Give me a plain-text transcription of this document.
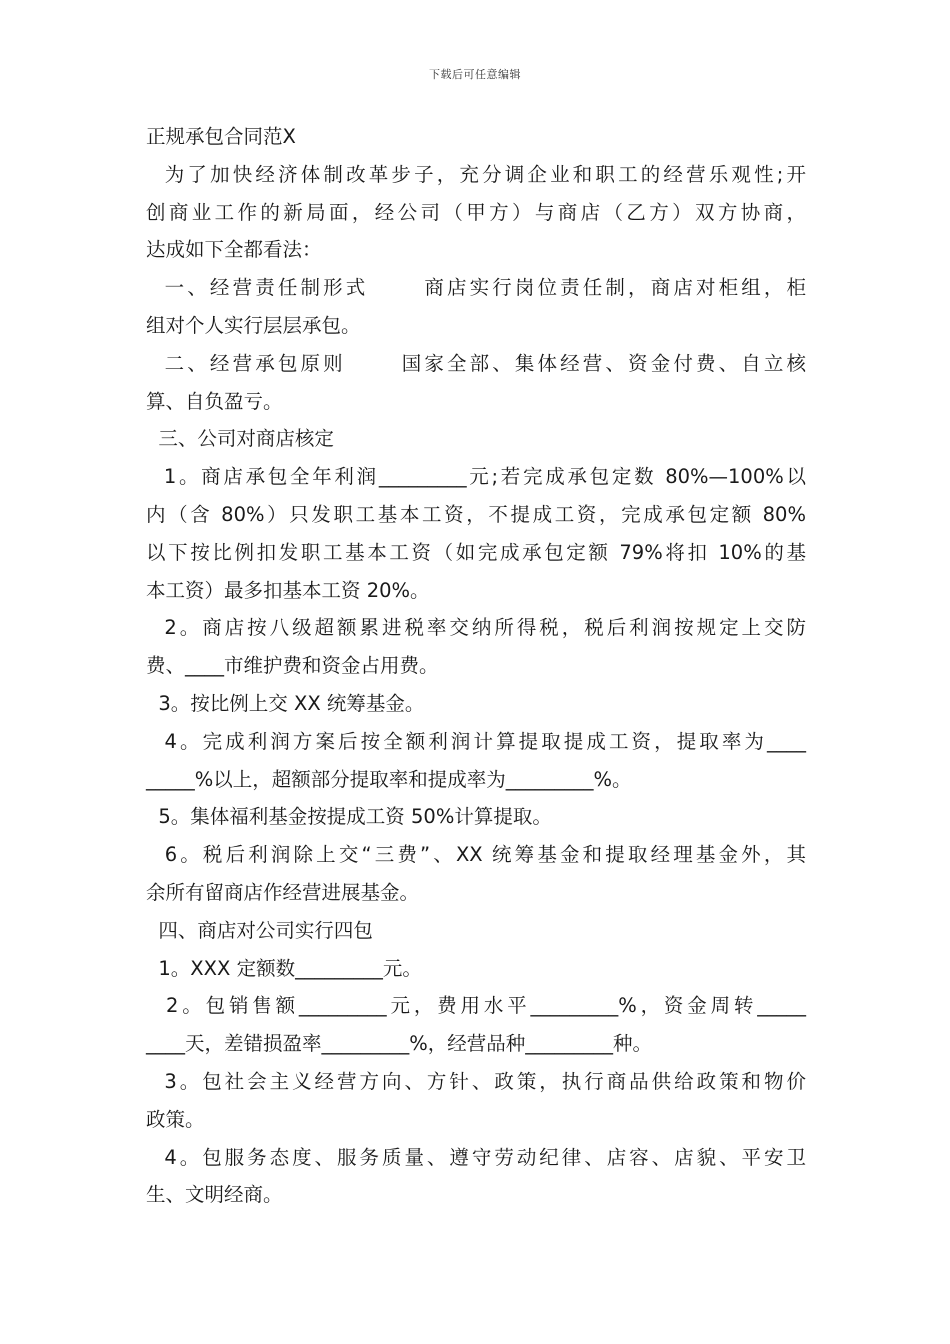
下载后可任意编辑
正规承包合同范X
为了加快经济体制改革步子，充分调企业和职工的经营乐观性;开
创商业工作的新局面，经公司（甲方）与商店（乙方）双方协商，
达成如下全都看法：
一、经营责任制形式      商店实行岗位责任制，商店对柜组，柜
组对个人实行层层承包。
二、经营承包原则      国家全部、集体经营、资金付费、自立核
算、自负盈亏。
三、公司对商店核定
1。商店承包全年利润_________元;若完成承包定数 80%—100%以
内（含 80%）只发职工基本工资，不提成工资，完成承包定额 80%
以下按比例扣发职工基本工资（如完成承包定额 79%将扣 10%的基
本工资）最多扣基本工资 20%。
2。商店按八级超额累进税率交纳所得税，税后利润按规定上交防
费、____市维护费和资金占用费。
3。按比例上交 XX 统筹基金。
4。完成利润方案后按全额利润计算提取提成工资，提取率为____
_____%以上，超额部分提取率和提成率为_________%。
5。集体福利基金按提成工资 50%计算提取。
6。税后利润除上交“三费”、XX 统筹基金和提取经理基金外，其
余所有留商店作经营进展基金。
四、商店对公司实行四包
1。XXX 定额数_________元。
2。包销售额_________元，费用水平_________%，资金周转_____
____天，差错损盈率_________%，经营品种_________种。
3。包社会主义经营方向、方针、政策，执行商品供给政策和物价
政策。
4。包服务态度、服务质量、遵守劳动纪律、店容、店貌、平安卫
生、文明经商。
